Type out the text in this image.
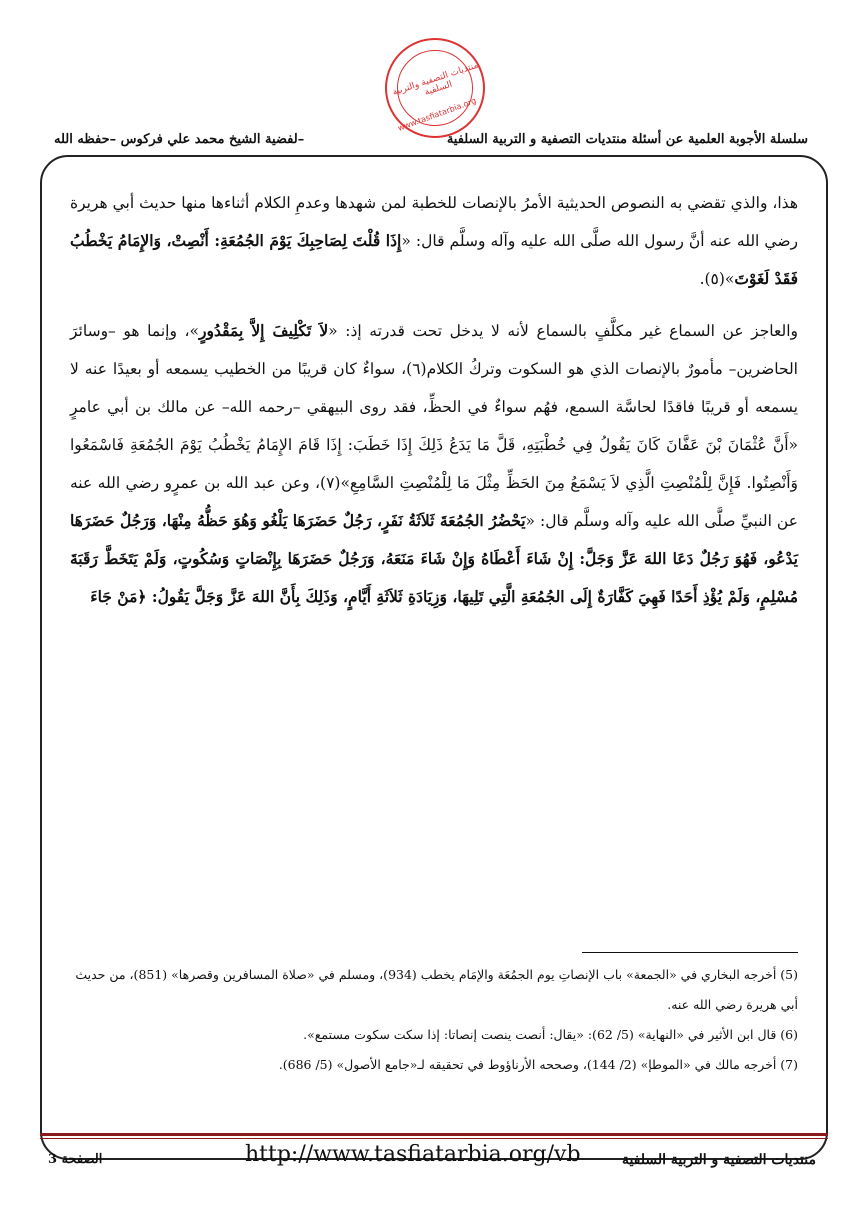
منتديات التصفية والتربية السلفية
www.tasfiatarbia.org
سلسلة الأجوبة العلمية عن أسئلة منتديات التصفية و التربية السلفية
لفضية الشيخ محمد علي فركوس –حفظه الله–

هذا، والذي تقضي به النصوص الحديثية الأمرُ بالإنصات للخطبة لمن شهدها وعدمِ الكلام أثناءها منها حديث أبي هريرة رضي الله عنه أنَّ رسول الله صلَّى الله عليه وآله وسلَّم قال: «إِذَا قُلْتَ لِصَاحِبِكَ يَوْمَ الجُمُعَةِ: أَنْصِتْ، وَالإِمَامُ يَخْطُبُ فَقَدْ لَغَوْتَ»(٥).

والعاجز عن السماع غير مكلَّفٍ بالسماع لأنه لا يدخل تحت قدرته إذ: «لاَ تَكْلِيفَ إِلاَّ بِمَقْدُورٍ»، وإنما هو –وسائرَ الحاضرين– مأمورٌ بالإنصات الذي هو السكوت وتركُ الكلام(٦)، سواءٌ كان قريبًا من الخطيب يسمعه أو بعيدًا عنه لا يسمعه أو قريبًا فاقدًا لحاسَّة السمع، فهُم سواءٌ في الحظِّ، فقد روى البيهقي –رحمه الله– عن مالك بن أبي عامرٍ «أَنَّ عُثْمَانَ بْنَ عَفَّانَ كَانَ يَقُولُ فِي خُطْبَتِهِ، قَلَّ مَا يَدَعُ ذَلِكَ إِذَا خَطَبَ: إِذَا قَامَ الإِمَامُ يَخْطُبُ يَوْمَ الجُمُعَةِ فَاسْمَعُوا وَأَنْصِتُوا. فَإِنَّ لِلْمُنْصِتِ الَّذِي لاَ يَسْمَعُ مِنَ الحَظِّ مِثْلَ مَا لِلْمُنْصِتِ السَّامِعِ»(٧)، وعن عبد الله بن عمرٍو رضي الله عنه عن النبيِّ صلَّى الله عليه وآله وسلَّم قال: «يَحْضُرُ الجُمُعَةَ ثَلاَثَةُ نَفَرٍ، رَجُلٌ حَضَرَهَا يَلْغُو وَهُوَ حَظُّهُ مِنْهَا، وَرَجُلٌ حَضَرَهَا يَدْعُو، فَهُوَ رَجُلٌ دَعَا اللهَ عَزَّ وَجَلَّ: إِنْ شَاءَ أَعْطَاهُ وَإِنْ شَاءَ مَنَعَهُ، وَرَجُلٌ حَضَرَهَا بِإِنْصَاتٍ وَسُكُوتٍ، وَلَمْ يَتَخَطَّ رَقَبَةَ مُسْلِمٍ، وَلَمْ يُؤْذِ أَحَدًا فَهِيَ كَفَّارَةٌ إِلَى الجُمُعَةِ الَّتِي تَلِيهَا، وَزِيَادَةِ ثَلاَثَةِ أَيَّامٍ، وَذَلِكَ بِأَنَّ اللهَ عَزَّ وَجَلَّ يَقُولُ: ﴿مَنْ جَاءَ

(5) أخرجه البخاري في «الجمعة» باب الإنصاتِ يوم الجمُعَة والإمَام يخطب (934)، ومسلم في «صلاة المسافرين وقصرها» (851)، من حديث أبي هريرة رضي الله عنه.
(6) قال ابن الأثير في «النهاية» (5/ 62): «يقال: أنصت ينصت إنصاتا: إذا سكت سكوت مستمع».
(7) أخرجه مالك في «الموطإ» (2/ 144)، وصححه الأرناؤوط في تحقيقه لـ«جامع الأصول» (5/ 686).
منتديات التصفية و التربية السلفية
http://www.tasfiatarbia.org/vb
الصفحة 3
